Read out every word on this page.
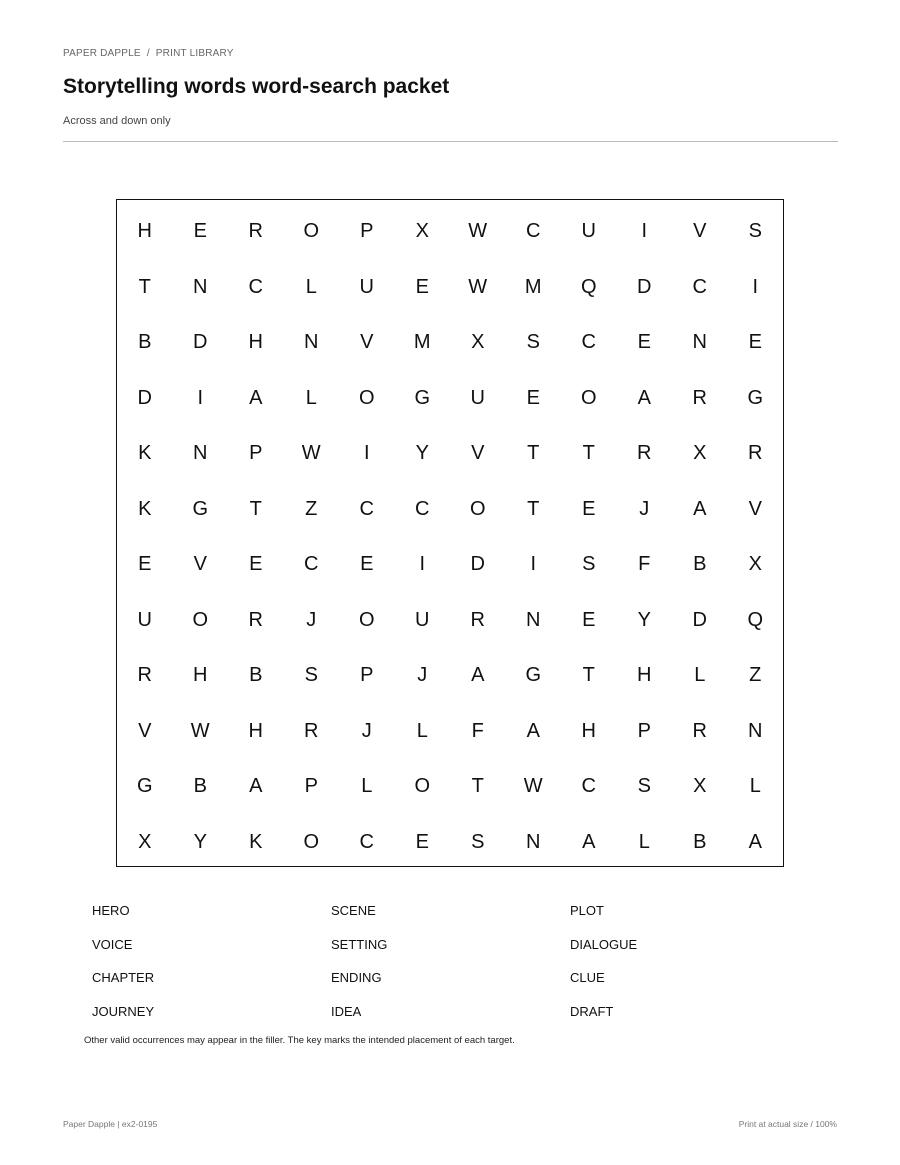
PAPER DAPPLE / PRINT LIBRARY
Storytelling words word-search packet
Across and down only
H	E	R	O	P	X	W	C	U	I	V	S
T	N	C	L	U	E	W	M	Q	D	C	I
B	D	H	N	V	M	X	S	C	E	N	E
D	I	A	L	O	G	U	E	O	A	R	G
K	N	P	W	I	Y	V	T	T	R	X	R
K	G	T	Z	C	C	O	T	E	J	A	V
E	V	E	C	E	I	D	I	S	F	B	X
U	O	R	J	O	U	R	N	E	Y	D	Q
R	H	B	S	P	J	A	G	T	H	L	Z
V	W	H	R	J	L	F	A	H	P	R	N
G	B	A	P	L	O	T	W	C	S	X	L
X	Y	K	O	C	E	S	N	A	L	B	A
HERO	SCENE	PLOT
VOICE	SETTING	DIALOGUE
CHAPTER	ENDING	CLUE
JOURNEY	IDEA	DRAFT
Other valid occurrences may appear in the filler. The key marks the intended placement of each target.
Paper Dapple | ex2-0195	Print at actual size / 100%
